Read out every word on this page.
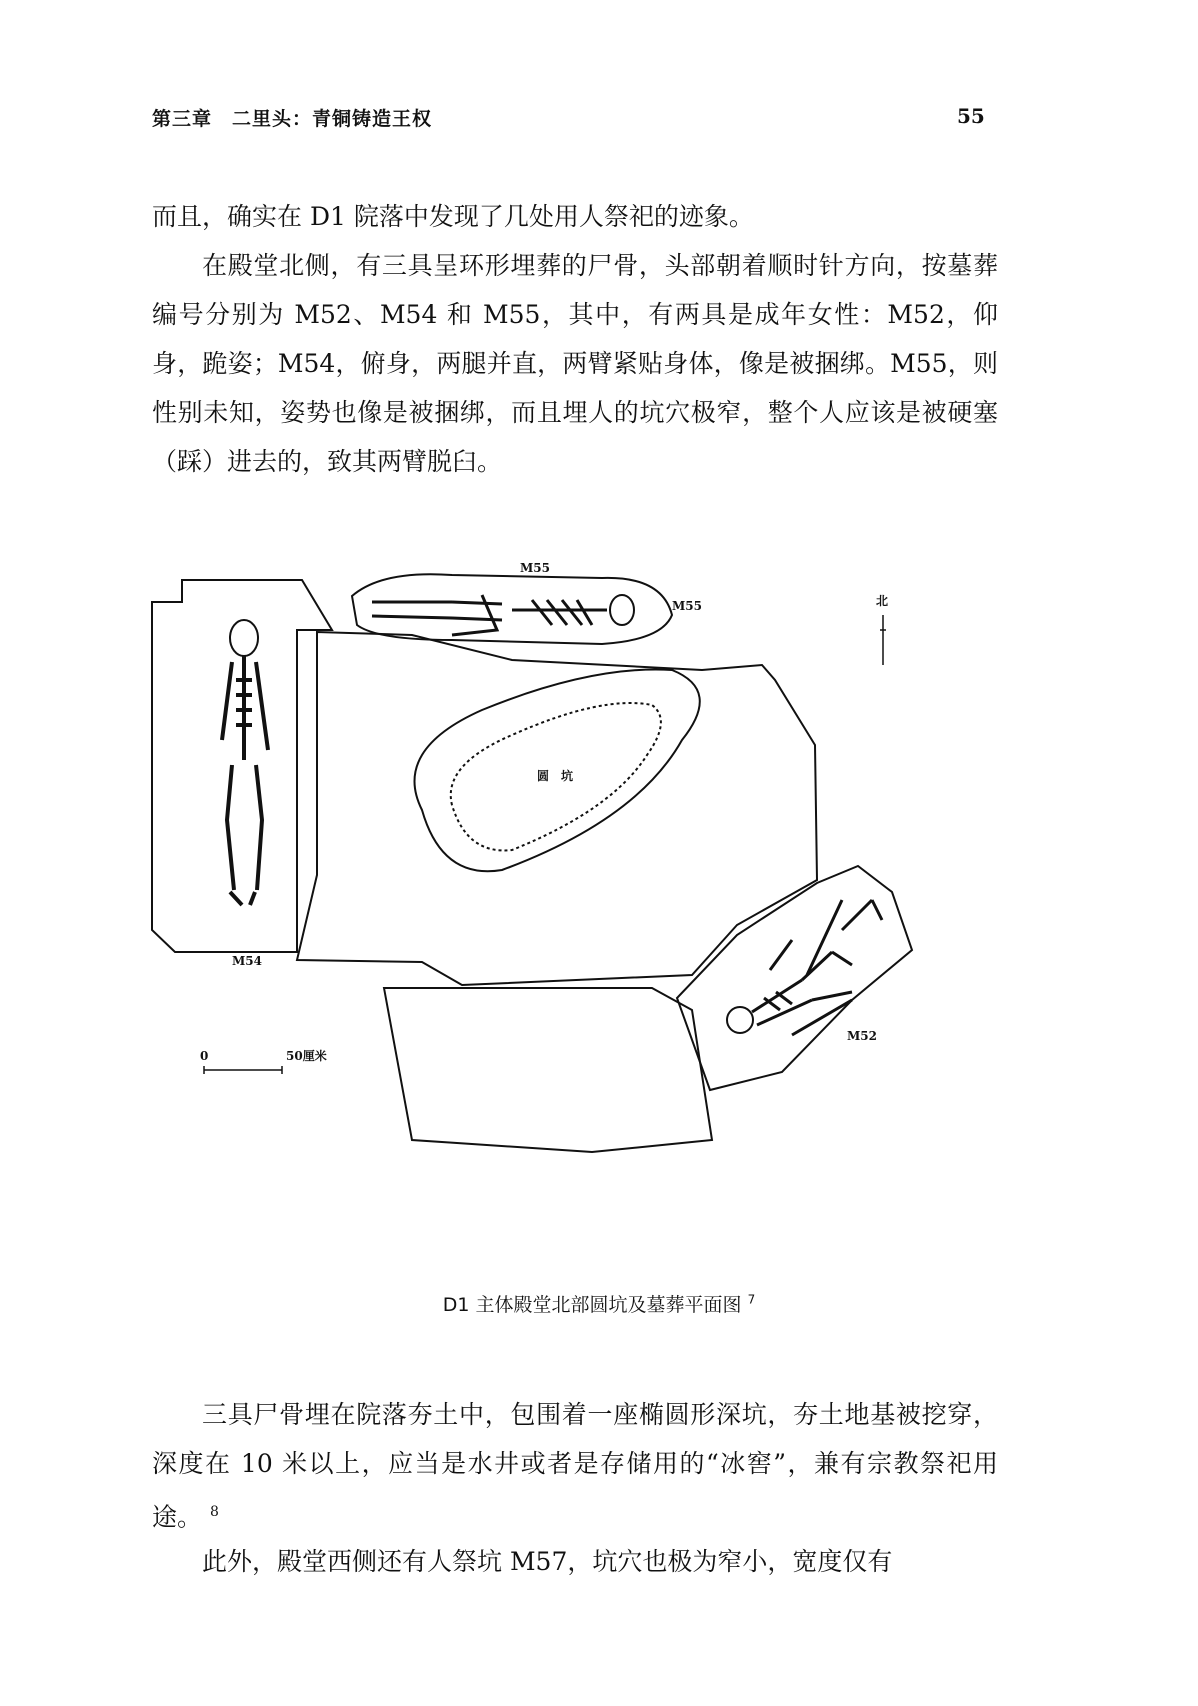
第三章　二里头：青铜铸造王权	55

而且，确实在 D1 院落中发现了几处用人祭祀的迹象。

在殿堂北侧，有三具呈环形埋葬的尸骨，头部朝着顺时针方向，按墓葬编号分别为 M52、M54 和 M55，其中，有两具是成年女性：M52，仰身，跪姿；M54，俯身，两腿并直，两臂紧贴身体，像是被捆绑。M55，则性别未知，姿势也像是被捆绑，而且埋人的坑穴极窄，整个人应该是被硬塞（踩）进去的，致其两臂脱臼。

M55
M55
M54
M52
圆　坑
北
0	50厘米
D1 主体殿堂北部圆坑及墓葬平面图 $^7$

三具尸骨埋在院落夯土中，包围着一座椭圆形深坑，夯土地基被挖穿，深度在 10 米以上，应当是水井或者是存储用的“冰窖”，兼有宗教祭祀用途。 $^8$

此外，殿堂西侧还有人祭坑 M57，坑穴也极为窄小，宽度仅有
